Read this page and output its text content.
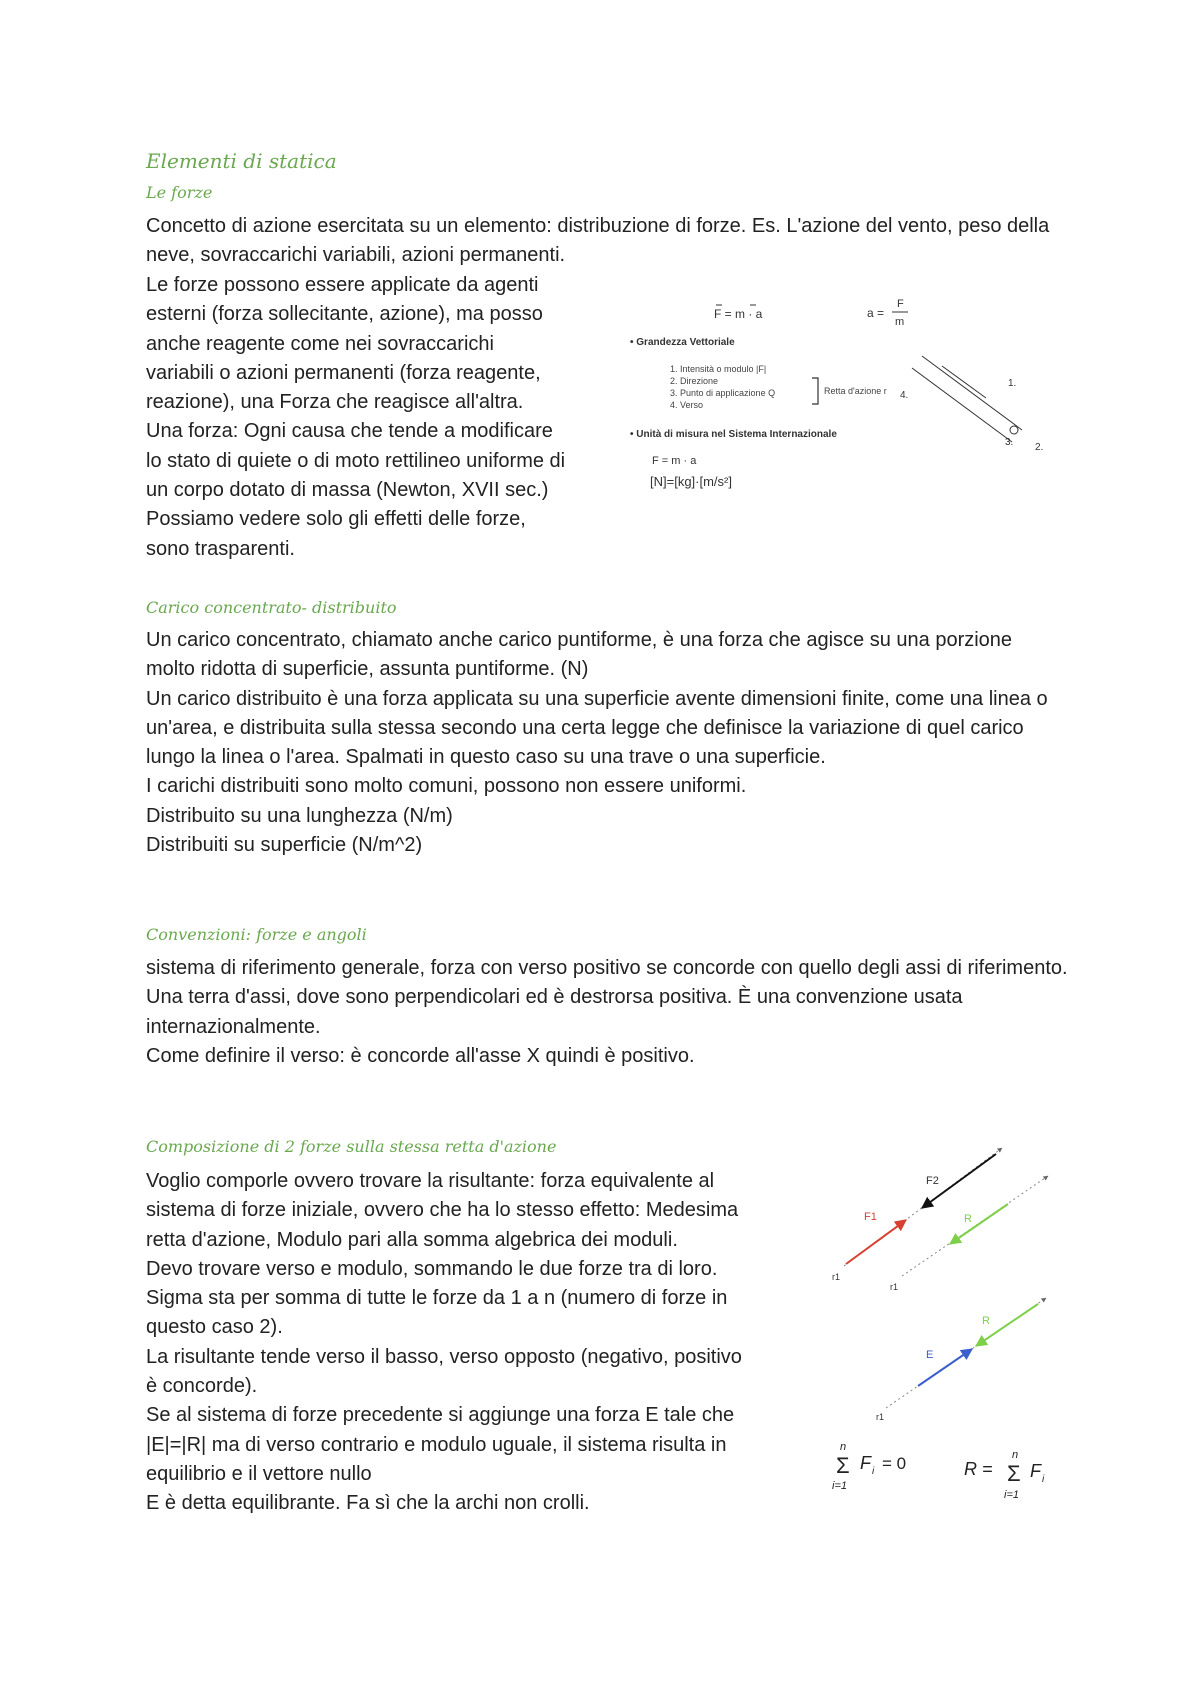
Elementi di statica
Le forze

Concetto di azione esercitata su un elemento: distribuzione di forze. Es. L'azione del vento, peso della neve, sovraccarichi variabili, azioni permanenti.

Le forze possono essere applicate da agenti

esterni (forza sollecitante, azione), ma posso

anche reagente come nei sovraccarichi

variabili o azioni permanenti (forza reagente,

reazione), una Forza che reagisce all'altra.

Una forza: Ogni causa che tende a modificare

lo stato di quiete o di moto rettilineo uniforme di

un corpo dotato di massa (Newton, XVII sec.)

Possiamo vedere solo gli effetti delle forze,

sono trasparenti.

F = m · a	a =
F
m
• Grandezza Vettoriale
1. Intensità o modulo |F|
2. Direzione
3. Punto di applicazione Q
4. Verso
Retta d'azione r
1.
2.
3.
4.
• Unità di misura nel Sistema Internazionale
F = m · a
[N]=[kg]·[m/s²]
Carico concentrato- distribuito

Un carico concentrato, chiamato anche carico puntiforme, è una forza che agisce su una porzione molto ridotta di superficie, assunta puntiforme. (N)

Un carico distribuito è una forza applicata su una superficie avente dimensioni finite, come una linea o un'area, e distribuita sulla stessa secondo una certa legge che definisce la variazione di quel carico lungo la linea o l'area. Spalmati in questo caso su una trave o una superficie.

I carichi distribuiti sono molto comuni, possono non essere uniformi.

Distribuito su una lunghezza (N/m)

Distribuiti su superficie (N/m^2)

Convenzioni: forze e angoli

sistema di riferimento generale, forza con verso positivo se concorde con quello degli assi di riferimento.

Una terra d'assi, dove sono perpendicolari ed è destrorsa positiva. È una convenzione usata internazionalmente.

Come definire il verso: è concorde all'asse X quindi è positivo.

Composizione di 2 forze sulla stessa retta d'azione

Voglio comporle ovvero trovare la risultante: forza equivalente al

sistema di forze iniziale, ovvero che ha lo stesso effetto: Medesima

retta d'azione, Modulo pari alla somma algebrica dei moduli.

Devo trovare verso e modulo, sommando le due forze tra di loro.

Sigma sta per somma di tutte le forze da 1 a n (numero di forze in

questo caso 2).

La risultante tende verso il basso, verso opposto (negativo, positivo

è concorde).

Se al sistema di forze precedente si aggiunge una forza E tale che

|E|=|R| ma di verso contrario e modulo uguale, il sistema risulta in

equilibrio e il vettore nullo

E è detta equilibrante. Fa sì che la archi non crolli.

F2
F1
r1
R
r1
R
E
r1
n
Σ
i=1
F i = 0	R =
n
Σ
i=1
F i
